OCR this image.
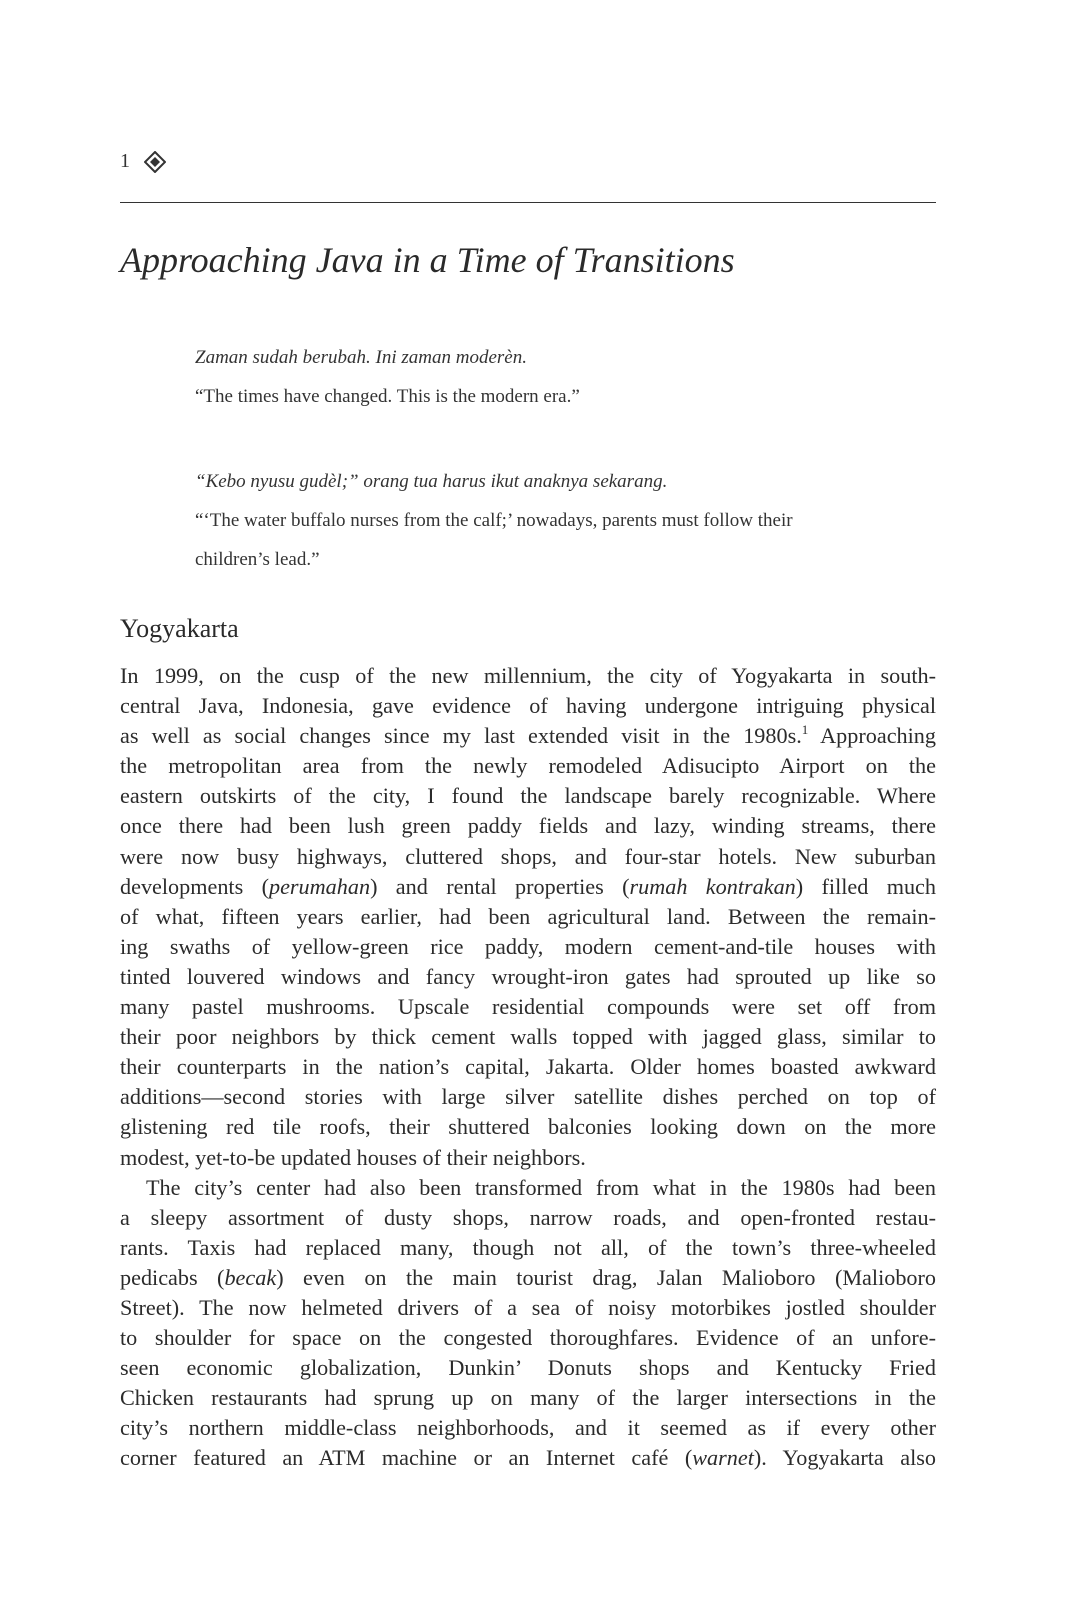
1
Approaching Java in a Time of Transitions

Zaman sudah berubah. Ini zaman moderèn.

“The times have changed. This is the modern era.”

“Kebo nyusu gudèl;” orang tua harus ikut anaknya sekarang.

“‘The water buffalo nurses from the calf;’ nowadays, parents must follow their

children’s lead.”

Yogyakarta
In 1999, on the cusp of the new millennium, the city of Yogyakarta in south-
central Java, Indonesia, gave evidence of having undergone intriguing physical
as well as social changes since my last extended visit in the 1980s.$^1$ Approaching
the metropolitan area from the newly remodeled Adisucipto Airport on the
eastern outskirts of the city, I found the landscape barely recognizable. Where
once there had been lush green paddy fields and lazy, winding streams, there
were now busy highways, cluttered shops, and four-star hotels. New suburban
developments (perumahan) and rental properties (rumah kontrakan) filled much
of what, fifteen years earlier, had been agricultural land. Between the remain-
ing swaths of yellow-green rice paddy, modern cement-and-tile houses with
tinted louvered windows and fancy wrought-iron gates had sprouted up like so
many pastel mushrooms. Upscale residential compounds were set off from
their poor neighbors by thick cement walls topped with jagged glass, similar to
their counterparts in the nation’s capital, Jakarta. Older homes boasted awkward
additions—second stories with large silver satellite dishes perched on top of
glistening red tile roofs, their shuttered balconies looking down on the more
modest, yet-to-be updated houses of their neighbors.
The city’s center had also been transformed from what in the 1980s had been
a sleepy assortment of dusty shops, narrow roads, and open-fronted restau-
rants. Taxis had replaced many, though not all, of the town’s three-wheeled
pedicabs (becak) even on the main tourist drag, Jalan Malioboro (Malioboro
Street). The now helmeted drivers of a sea of noisy motorbikes jostled shoulder
to shoulder for space on the congested thoroughfares. Evidence of an unfore-
seen economic globalization, Dunkin’ Donuts shops and Kentucky Fried
Chicken restaurants had sprung up on many of the larger intersections in the
city’s northern middle-class neighborhoods, and it seemed as if every other
corner featured an ATM machine or an Internet café (warnet). Yogyakarta also
